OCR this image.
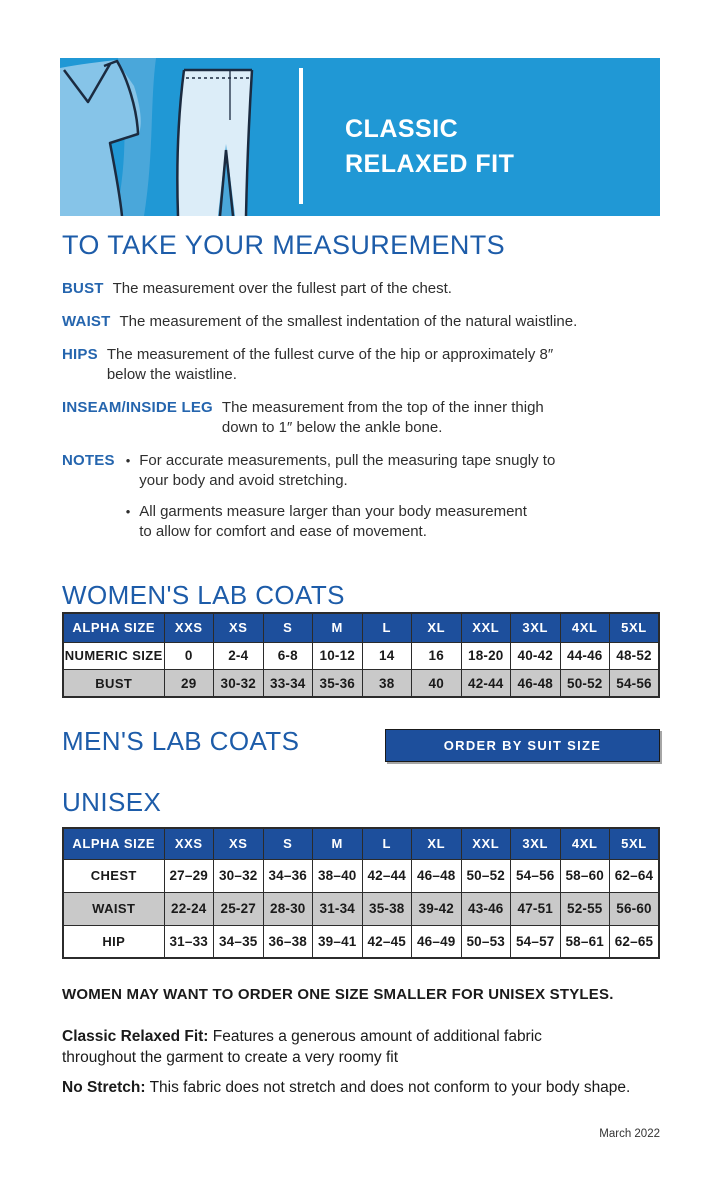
CLASSIC
RELAXED FIT
TO TAKE YOUR MEASUREMENTS
BUST The measurement over the fullest part of the chest.
WAIST The measurement of the smallest indentation of the natural waistline.
HIPS The measurement of the fullest curve of the hip or approximately 8″ below the waistline.
INSEAM/INSIDE LEG The measurement from the top of the inner thigh down to 1″ below the ankle bone.
NOTES • For accurate measurements, pull the measuring tape snugly to your body and avoid stretching.
• All garments measure larger than your body measurement to allow for comfort and ease of movement.
WOMEN'S LAB COATS
ALPHA SIZE	XXS	XS	S	M	L	XL	XXL	3XL	4XL	5XL
NUMERIC SIZE	0	2-4	6-8	10-12	14	16	18-20	40-42	44-46	48-52
BUST	29	30-32	33-34	35-36	38	40	42-44	46-48	50-52	54-56
MEN'S LAB COATS	ORDER BY SUIT SIZE
UNISEX
ALPHA SIZE	XXS	XS	S	M	L	XL	XXL	3XL	4XL	5XL
CHEST	27–29	30–32	34–36	38–40	42–44	46–48	50–52	54–56	58–60	62–64
WAIST	22-24	25-27	28-30	31-34	35-38	39-42	43-46	47-51	52-55	56-60
HIP	31–33	34–35	36–38	39–41	42–45	46–49	50–53	54–57	58–61	62–65
WOMEN MAY WANT TO ORDER ONE SIZE SMALLER FOR UNISEX STYLES.

Classic Relaxed Fit: Features a generous amount of additional fabric throughout the garment to create a very roomy fit

No Stretch: This fabric does not stretch and does not conform to your body shape.

March 2022
